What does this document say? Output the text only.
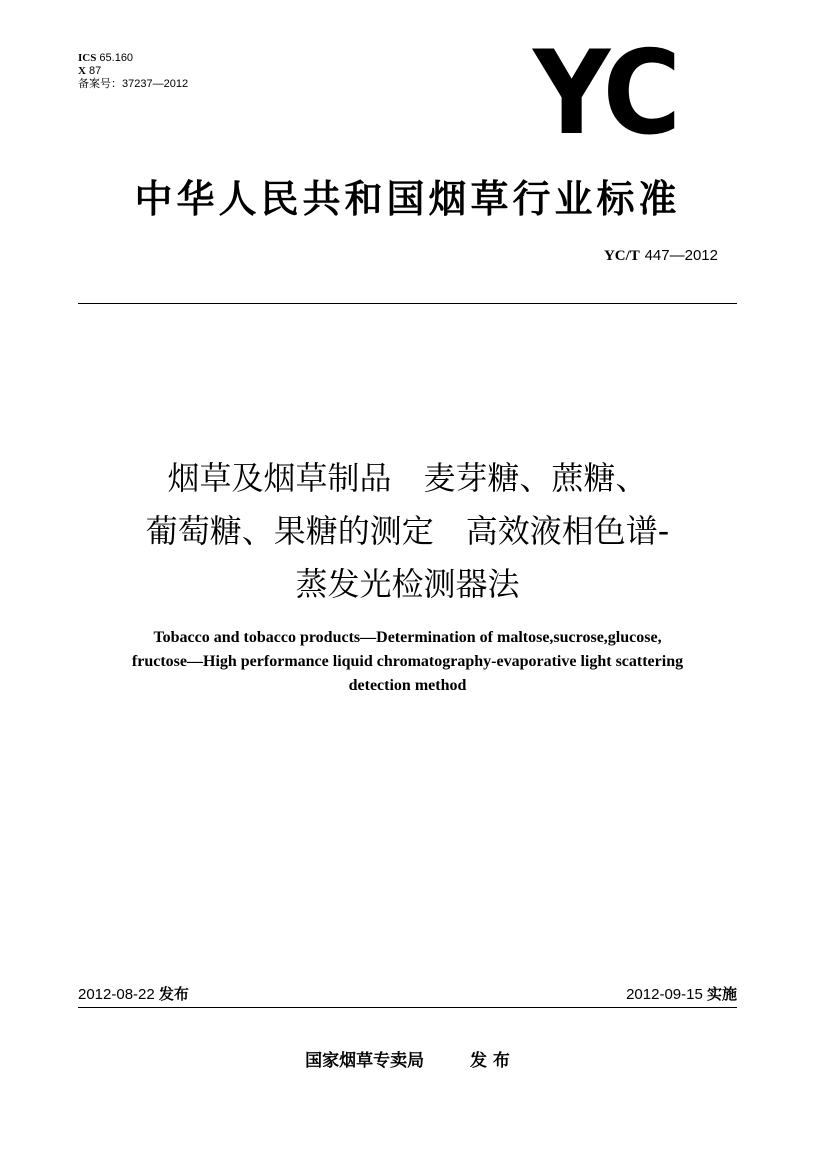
ICS 65.160
X 87
备案号：37237—2012	YC
中华人民共和国烟草行业标准
YC/T 447—2012
烟草及烟草制品　麦芽糖、蔗糖、
葡萄糖、果糖的测定　高效液相色谱-
蒸发光检测器法
Tobacco and tobacco products—Determination of maltose,sucrose,glucose,
fructose—High performance liquid chromatography-evaporative light scattering
detection method
2012-08-22 发布	2012-09-15 实施
国家烟草专卖局	发 布
